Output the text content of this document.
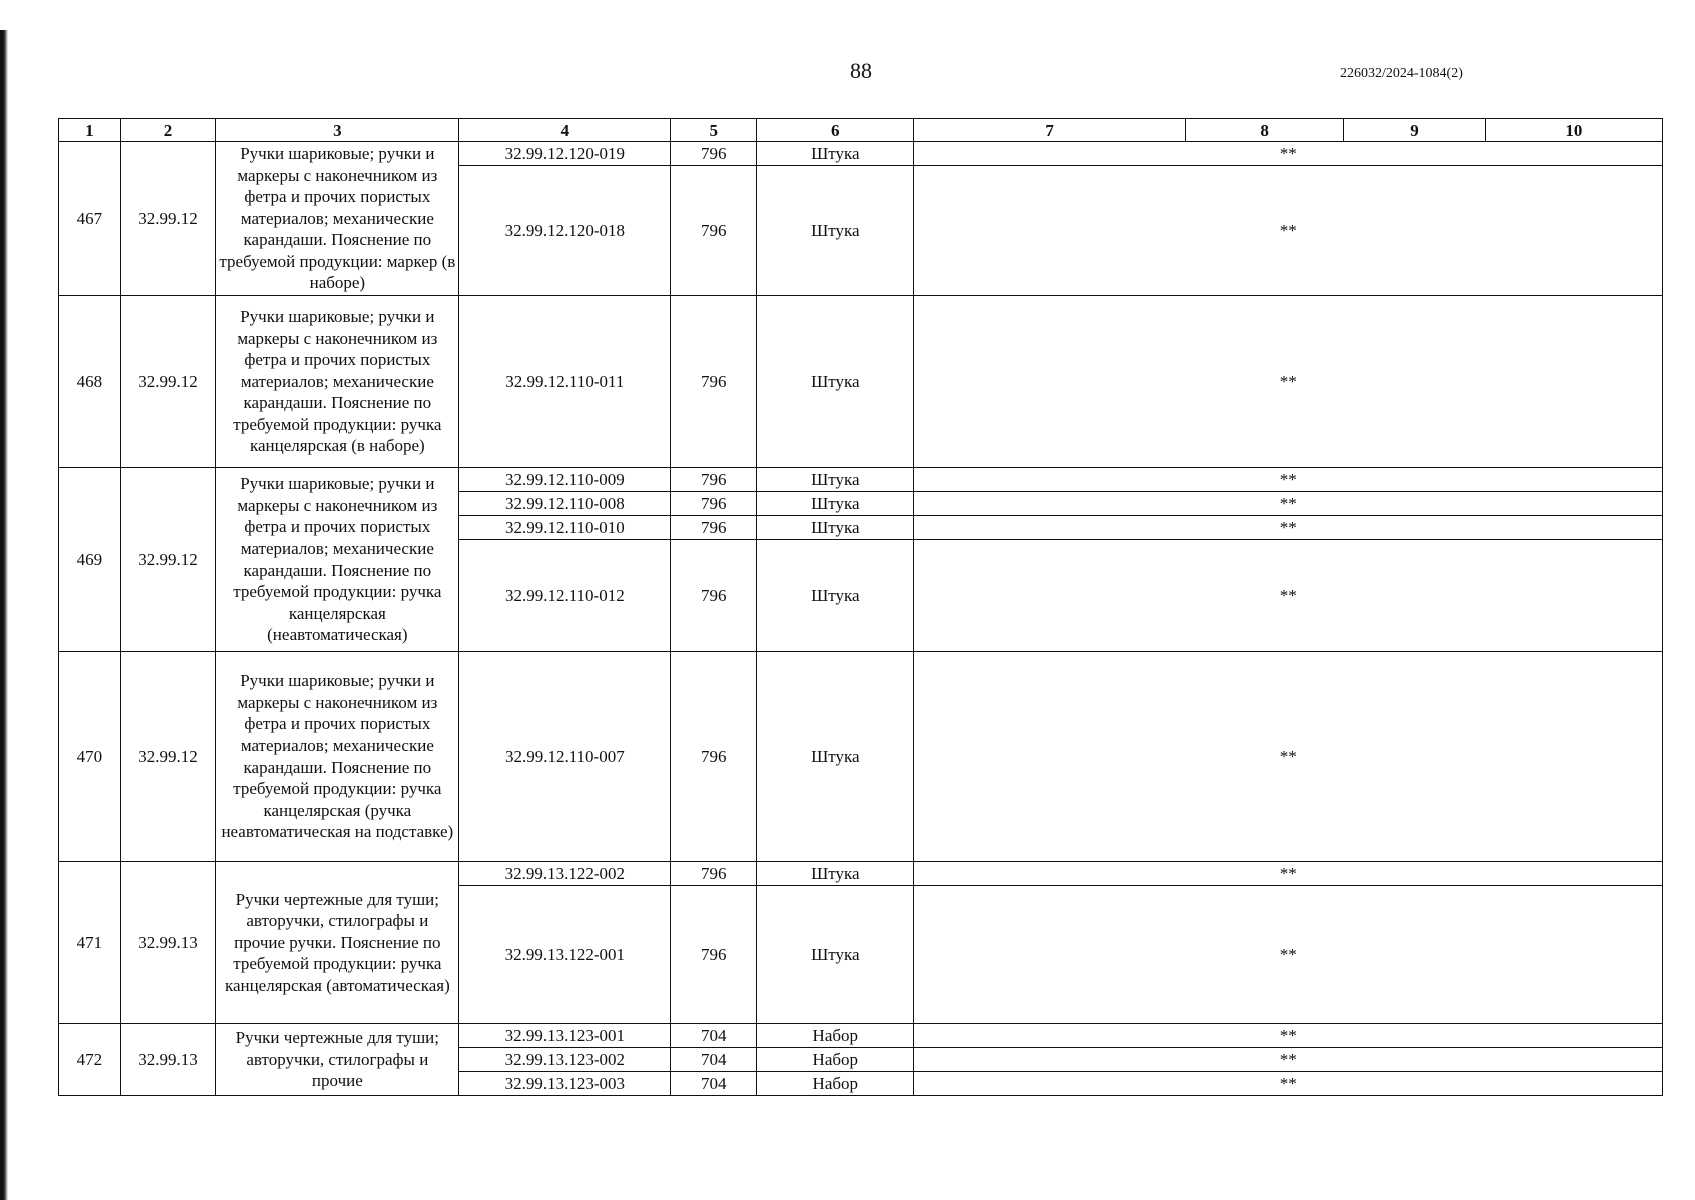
88	226032/2024-1084(2)
1	2	3	4	5	6	7	8	9	10
467	32.99.12	Ручки шариковые; ручки и маркеры с наконечником из фетра и прочих пористых материалов; механические карандаши. Пояснение по требуемой продукции: маркер (в наборе)	32.99.12.120-019	796	Штука	**			
			32.99.12.120-018	796	Штука	**			
468	32.99.12	Ручки шариковые; ручки и маркеры с наконечником из фетра и прочих пористых материалов; механические карандаши. Пояснение по требуемой продукции: ручка канцелярская (в наборе)	32.99.12.110-011	796	Штука	**			
469	32.99.12	Ручки шариковые; ручки и маркеры с наконечником из фетра и прочих пористых материалов; механические карандаши. Пояснение по требуемой продукции: ручка канцелярская (неавтоматическая)	32.99.12.110-009	796	Штука	**			
			32.99.12.110-008	796	Штука	**			
			32.99.12.110-010	796	Штука	**			
			32.99.12.110-012	796	Штука	**			
470	32.99.12	Ручки шариковые; ручки и маркеры с наконечником из фетра и прочих пористых материалов; механические карандаши. Пояснение по требуемой продукции: ручка канцелярская (ручка неавтоматическая на подставке)	32.99.12.110-007	796	Штука	**			
471	32.99.13	Ручки чертежные для туши; авторучки, стилографы и прочие ручки. Пояснение по требуемой продукции: ручка канцелярская (автоматическая)	32.99.13.122-002	796	Штука	**			
			32.99.13.122-001	796	Штука	**			
472	32.99.13	Ручки чертежные для туши; авторучки, стилографы и прочие	32.99.13.123-001	704	Набор	**			
			32.99.13.123-002	704	Набор	**			
			32.99.13.123-003	704	Набор	**			
